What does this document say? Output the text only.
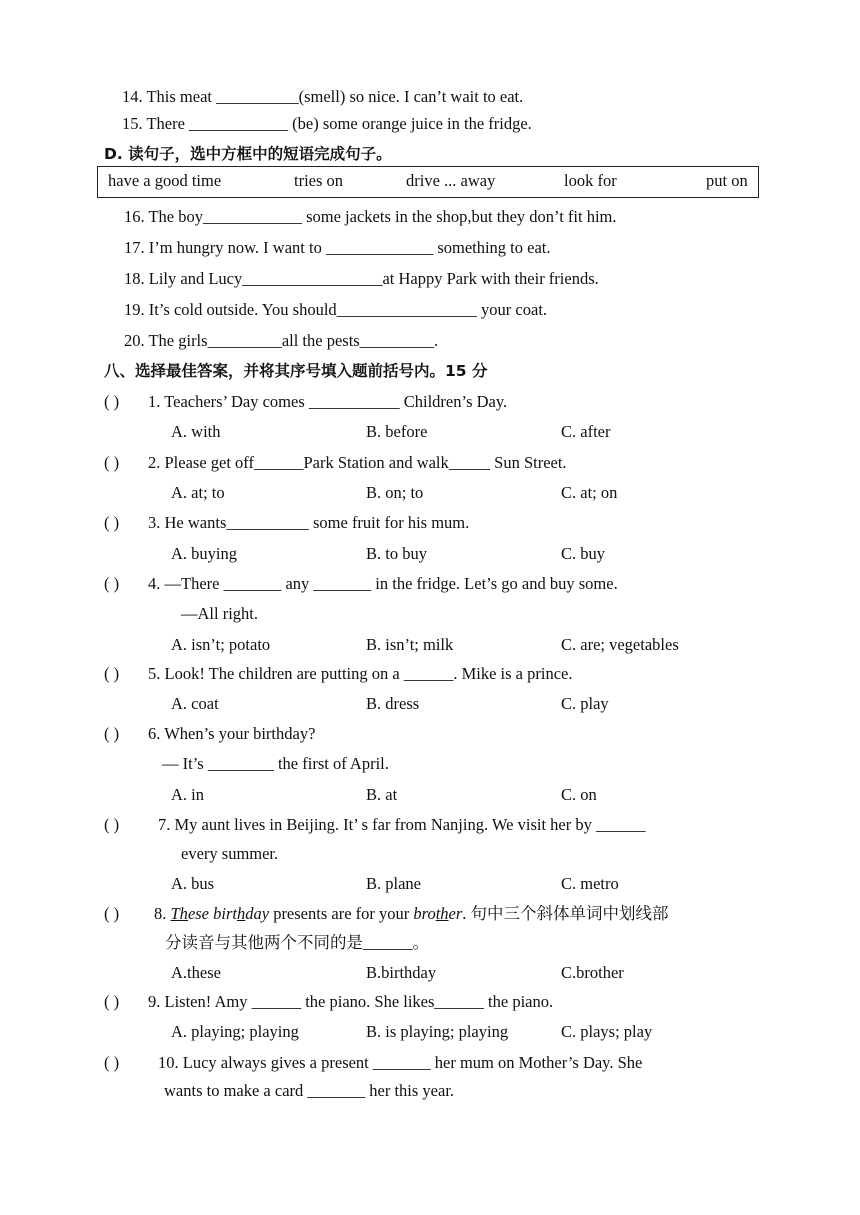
14. This meat __________(smell) so nice. I can’t wait to eat.
15. There ____________ (be) some orange juice in the fridge.
D. 读句子，选中方框中的短语完成句子。
have a good time	tries on	drive ... away	look for	put on
16. The boy____________ some jackets in the shop,but they don’t fit him.
17. I’m hungry now. I want to _____________ something to eat.
18. Lily and Lucy_________________at Happy Park with their friends.
19. It’s cold outside. You should_________________ your coat.
20. The girls_________all the pests_________.
八、选择最佳答案，并将其序号填入题前括号内。15 分
( ) 1. Teachers’ Day comes ___________ Children’s Day.
A. with	B. before	C. after
( ) 2. Please get off______Park Station and walk_____ Sun Street.
A. at; to	B. on; to	C. at; on
( ) 3. He wants__________ some fruit for his mum.
A. buying	B. to buy	C. buy
( ) 4. —There _______ any _______ in the fridge. Let’s go and buy some.
—All right.
A. isn’t; potato	B. isn’t; milk	C. are; vegetables
( ) 5. Look! The children are putting on a ______. Mike is a prince.
A. coat	B. dress	C. play
( ) 6. When’s your birthday?
— It’s ________ the first of April.
A. in	B. at	C. on
( ) 7. My aunt lives in Beijing. It’ s far from Nanjing. We visit her by ______
every summer.
A. bus	B. plane	C. metro
( ) 8. These birthday presents are for your brother. 句中三个斜体单词中划线部
分读音与其他两个不同的是______。
A.these	B.birthday	C.brother
( ) 9. Listen! Amy ______ the piano. She likes______ the piano.
A. playing; playing	B. is playing; playing	C. plays; play
( ) 10. Lucy always gives a present _______ her mum on Mother’s Day. She
wants to make a card _______ her this year.
